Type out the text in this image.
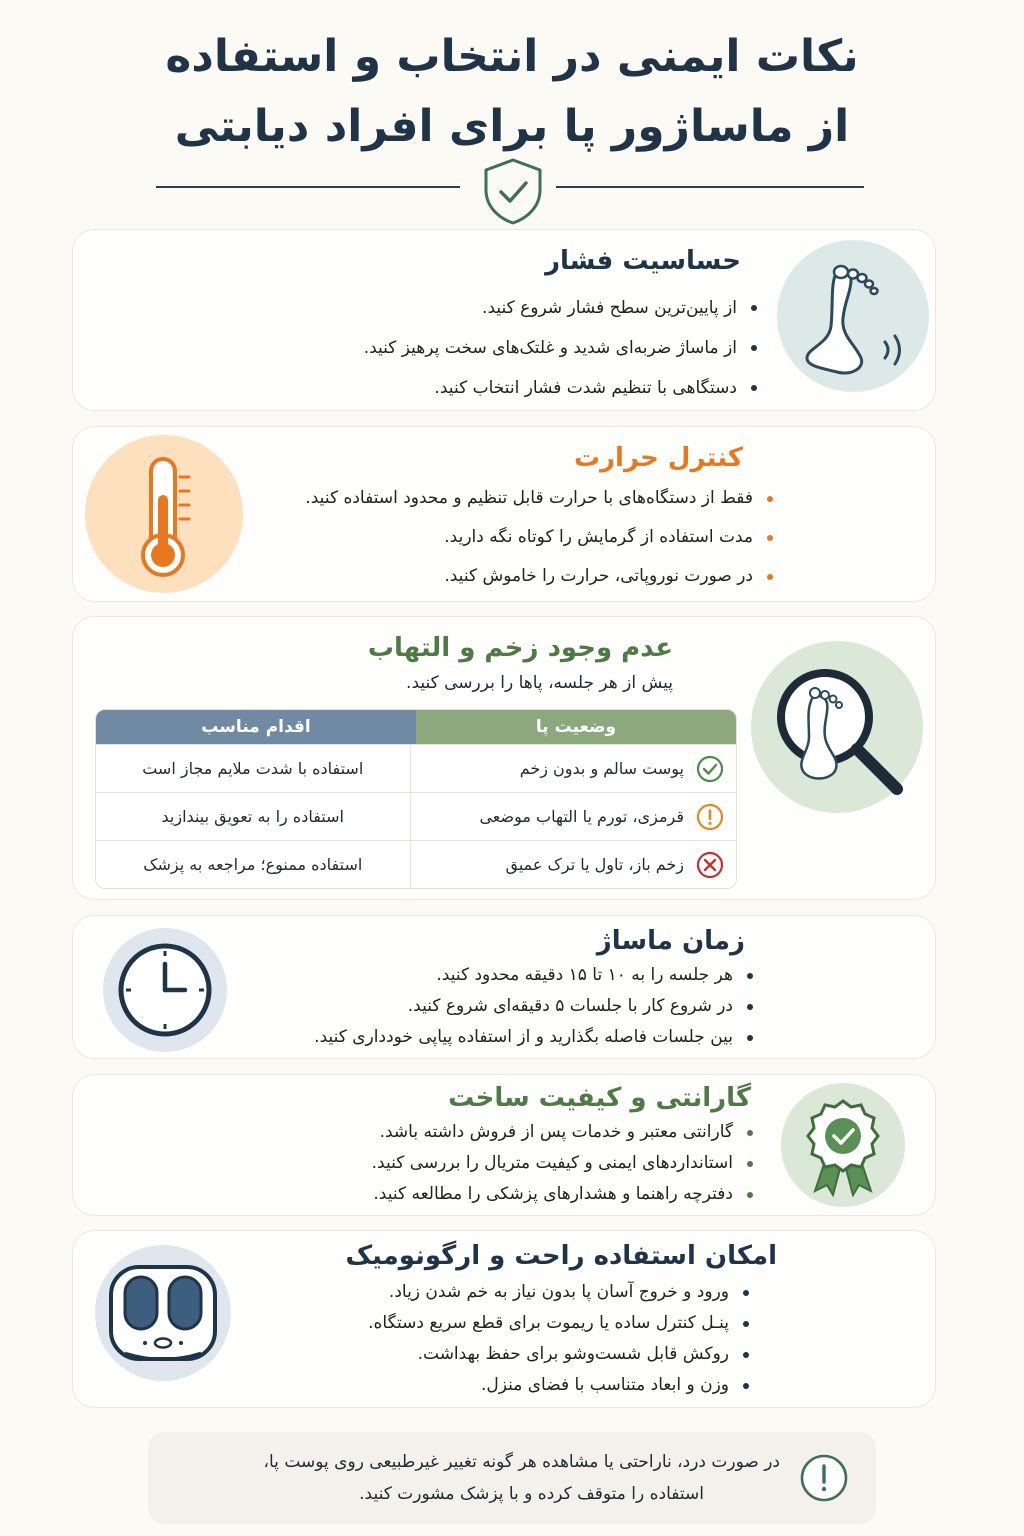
نکات ایمنی در انتخاب و استفاده
از ماساژور پا برای افراد دیابتی
حساسیت فشار
از پایین‌ترین سطح فشار شروع کنید.
از ماساژ ضربه‌ای شدید و غلتک‌های سخت پرهیز کنید.
دستگاهی با تنظیم شدت فشار انتخاب کنید.
کنترل حرارت
فقط از دستگاه‌های با حرارت قابل تنظیم و محدود استفاده کنید.
مدت استفاده از گرمایش را کوتاه نگه دارید.
در صورت نوروپاتی، حرارت را خاموش کنید.
عدم وجود زخم و التهاب
پیش از هر جلسه، پاها را بررسی کنید.
وضعیت پا
اقدام مناسب
پوست سالم و بدون زخم
استفاده با شدت ملایم مجاز است
قرمزی، تورم یا التهاب موضعی
استفاده را به تعویق بیندازید
زخم باز، تاول یا ترک عمیق
استفاده ممنوع؛ مراجعه به پزشک
زمان ماساژ
هر جلسه را به ۱۰ تا ۱۵ دقیقه محدود کنید.
در شروع کار با جلسات ۵ دقیقه‌ای شروع کنید.
بین جلسات فاصله بگذارید و از استفاده پیاپی خودداری کنید.
گارانتی و کیفیت ساخت
گارانتی معتبر و خدمات پس از فروش داشته باشد.
استانداردهای ایمنی و کیفیت متریال را بررسی کنید.
دفترچه راهنما و هشدارهای پزشکی را مطالعه کنید.
امکان استفاده راحت و ارگونومیک
ورود و خروج آسان پا بدون نیاز به خم شدن زیاد.
پنـل کنترل ساده یا ریموت برای قطع سریع دستگاه.
روکش قابل شست‌وشو برای حفظ بهداشت.
وزن و ابعاد متناسب با فضای منزل.
در صورت درد، ناراحتی یا مشاهده هر گونه تغییر غیرطبیعی روی پوست پا،
استفاده را متوقف کرده و با پزشک مشورت کنید.
